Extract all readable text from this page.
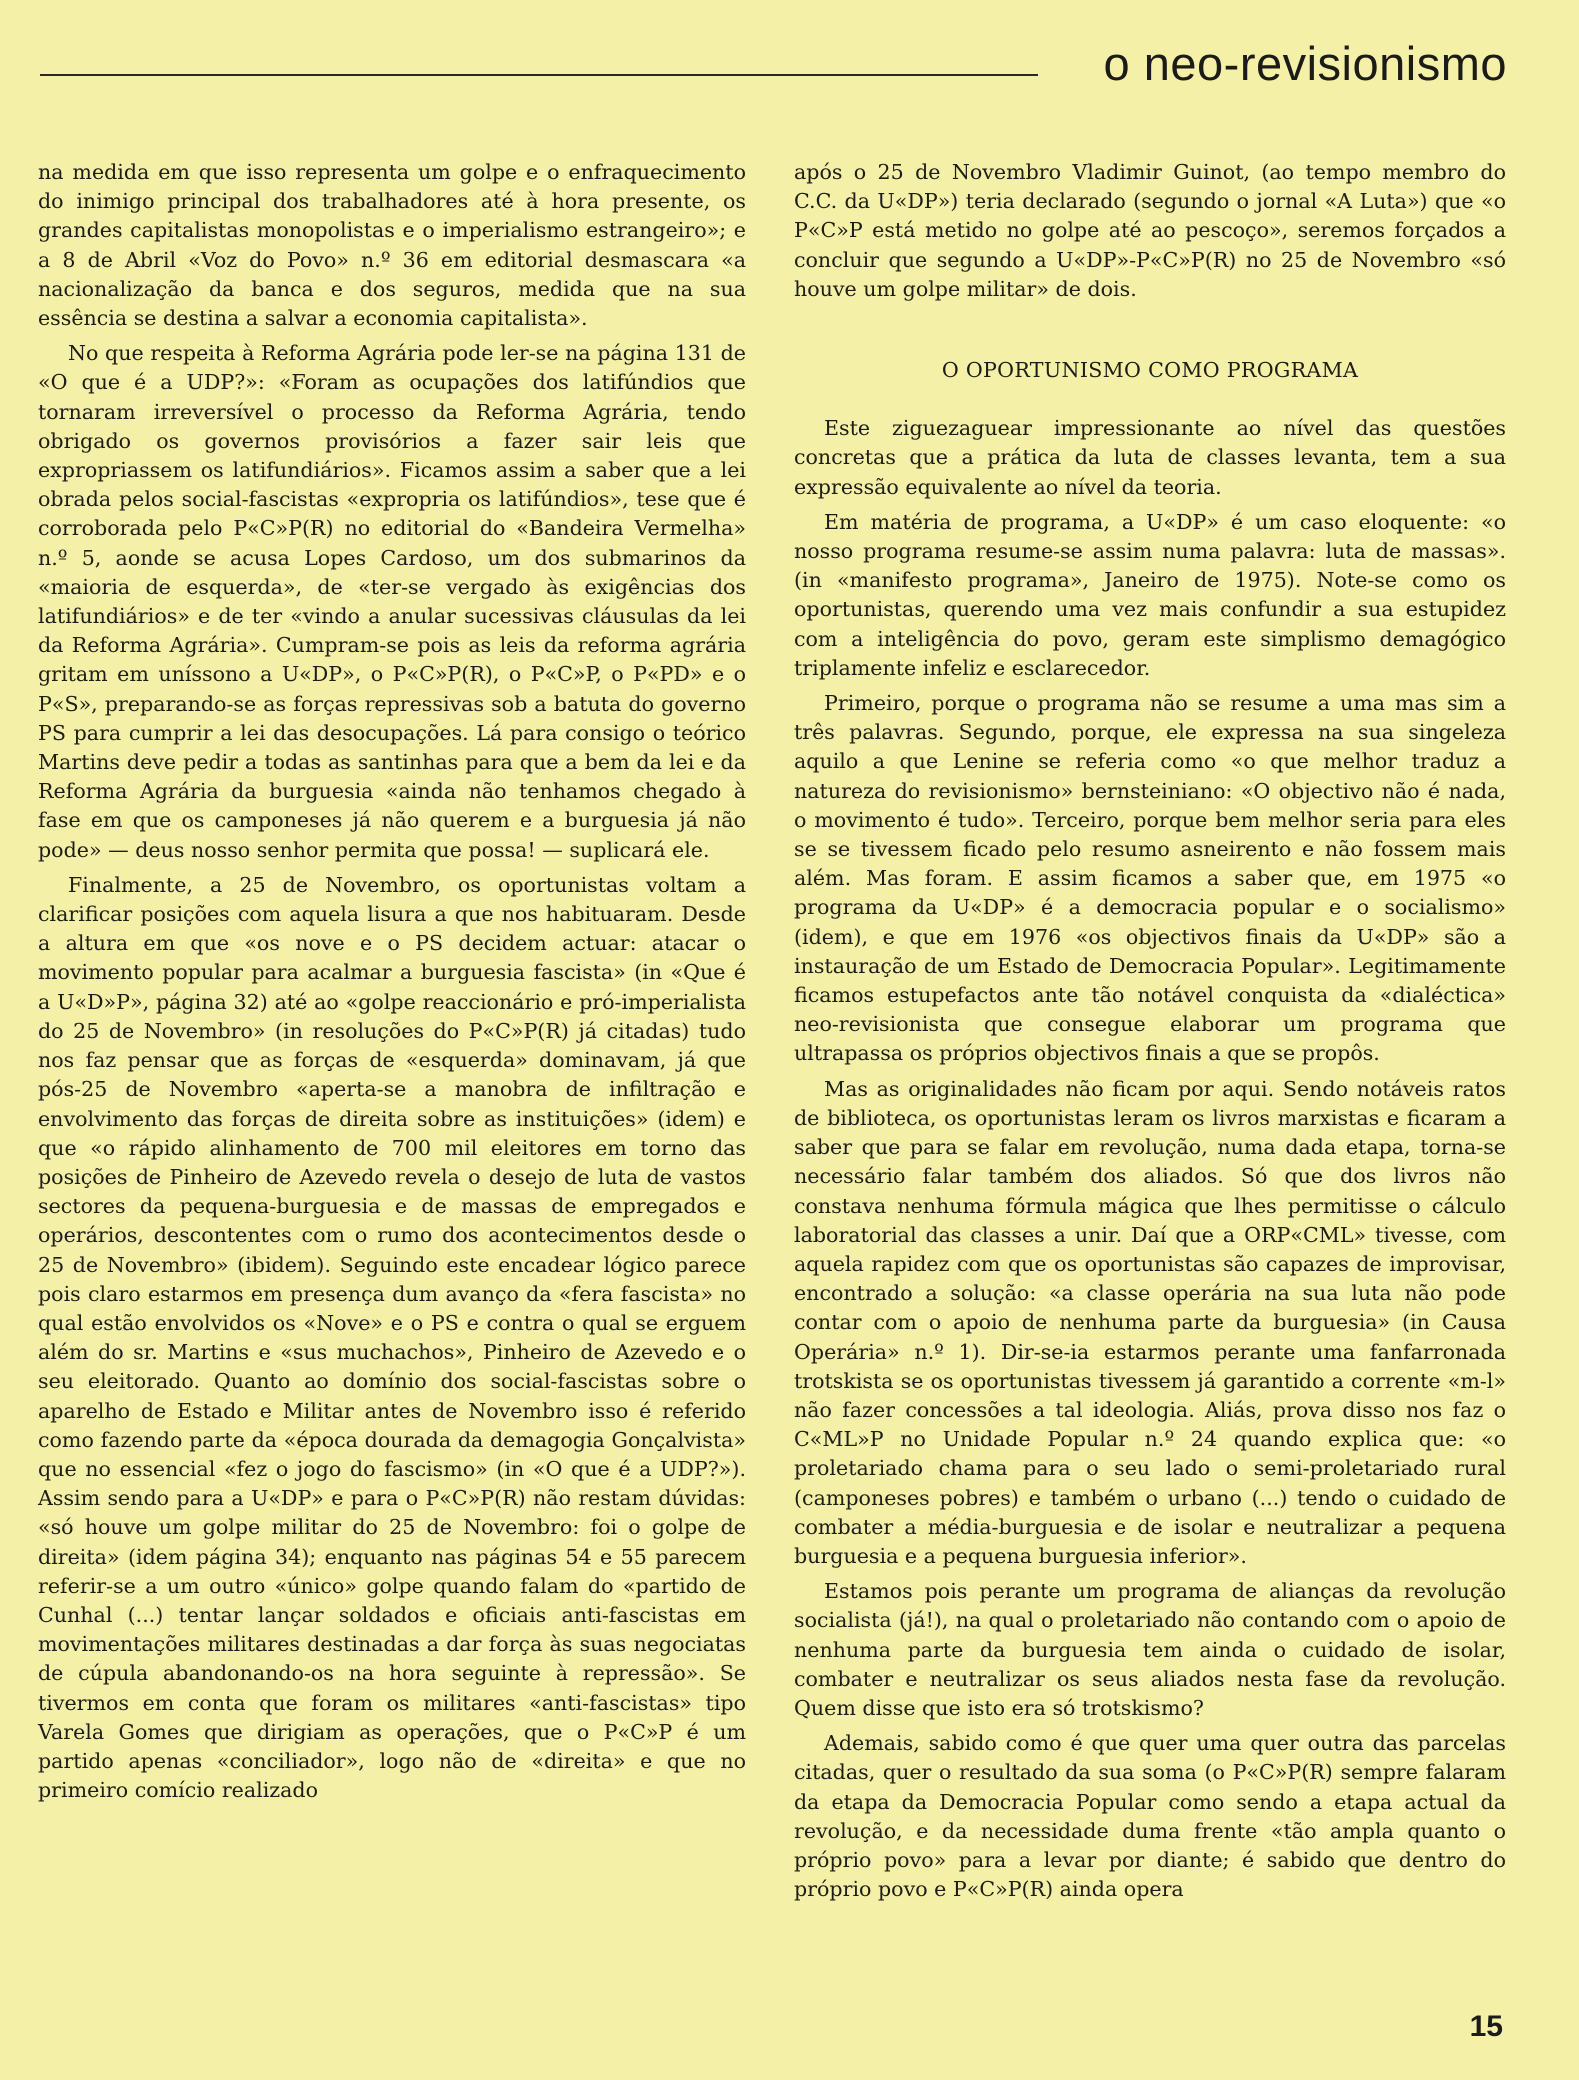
o neo-revisionismo

na medida em que isso representa um golpe e o enfraquecimento do inimigo principal dos trabalhadores até à hora presente, os grandes capitalistas monopolistas e o imperialismo estrangeiro»; e a 8 de Abril «Voz do Povo» n.º 36 em editorial desmascara «a nacionalização da banca e dos seguros, medida que na sua essência se destina a salvar a economia capitalista».

No que respeita à Reforma Agrária pode ler-se na página 131 de «O que é a UDP?»: «Foram as ocupações dos latifúndios que tornaram irreversível o processo da Reforma Agrária, tendo obrigado os governos provisórios a fazer sair leis que expropriassem os latifundiários». Ficamos assim a saber que a lei obrada pelos social-fascistas «expropria os latifúndios», tese que é corroborada pelo P«C»P(R) no editorial do «Bandeira Vermelha» n.º 5, aonde se acusa Lopes Cardoso, um dos submarinos da «maioria de esquerda», de «ter-se vergado às exigências dos latifundiários» e de ter «vindo a anular sucessivas cláusulas da lei da Reforma Agrária». Cumpram-se pois as leis da reforma agrária gritam em uníssono a U«DP», o P«C»P(R), o P«C»P, o P«PD» e o P«S», preparando-se as forças repressivas sob a batuta do governo PS para cumprir a lei das desocupações. Lá para consigo o teórico Martins deve pedir a todas as santinhas para que a bem da lei e da Reforma Agrária da burguesia «ainda não tenhamos chegado à fase em que os camponeses já não querem e a burguesia já não pode» — deus nosso senhor permita que possa! — suplicará ele.

Finalmente, a 25 de Novembro, os oportunistas voltam a clarificar posições com aquela lisura a que nos habituaram. Desde a altura em que «os nove e o PS decidem actuar: atacar o movimento popular para acalmar a burguesia fascista» (in «Que é a U«D»P», página 32) até ao «golpe reaccionário e pró-imperialista do 25 de Novembro» (in resoluções do P«C»P(R) já citadas) tudo nos faz pensar que as forças de «esquerda» dominavam, já que pós-25 de Novembro «aperta-se a manobra de infiltração e envolvimento das forças de direita sobre as instituições» (idem) e que «o rápido alinhamento de 700 mil eleitores em torno das posições de Pinheiro de Azevedo revela o desejo de luta de vastos sectores da pequena-burguesia e de massas de empregados e operários, descontentes com o rumo dos acontecimentos desde o 25 de Novembro» (ibidem). Seguindo este encadear lógico parece pois claro estarmos em presença dum avanço da «fera fascista» no qual estão envolvidos os «Nove» e o PS e contra o qual se erguem além do sr. Martins e «sus muchachos», Pinheiro de Azevedo e o seu eleitorado. Quanto ao domínio dos social-fascistas sobre o aparelho de Estado e Militar antes de Novembro isso é referido como fazendo parte da «época dourada da demagogia Gonçalvista» que no essencial «fez o jogo do fascismo» (in «O que é a UDP?»). Assim sendo para a U«DP» e para o P«C»P(R) não restam dúvidas: «só houve um golpe militar do 25 de Novembro: foi o golpe de direita» (idem página 34); enquanto nas páginas 54 e 55 parecem referir-se a um outro «único» golpe quando falam do «partido de Cunhal (...) tentar lançar soldados e oficiais anti-fascistas em movimentações militares destinadas a dar força às suas negociatas de cúpula abandonando-os na hora seguinte à repressão». Se tivermos em conta que foram os militares «anti-fascistas» tipo Varela Gomes que dirigiam as operações, que o P«C»P é um partido apenas «conciliador», logo não de «direita» e que no primeiro comício realizado

após o 25 de Novembro Vladimir Guinot, (ao tempo membro do C.C. da U«DP») teria declarado (segundo o jornal «A Luta») que «o P«C»P está metido no golpe até ao pescoço», seremos forçados a concluir que segundo a U«DP»-P«C»P(R) no 25 de Novembro «só houve um golpe militar» de dois.

O OPORTUNISMO COMO PROGRAMA

Este ziguezaguear impressionante ao nível das questões concretas que a prática da luta de classes levanta, tem a sua expressão equivalente ao nível da teoria.

Em matéria de programa, a U«DP» é um caso eloquente: «o nosso programa resume-se assim numa palavra: luta de massas». (in «manifesto programa», Janeiro de 1975). Note-se como os oportunistas, querendo uma vez mais confundir a sua estupidez com a inteligência do povo, geram este simplismo demagógico triplamente infeliz e esclarecedor.

Primeiro, porque o programa não se resume a uma mas sim a três palavras. Segundo, porque, ele expressa na sua singeleza aquilo a que Lenine se referia como «o que melhor traduz a natureza do revisionismo» bernsteiniano: «O objectivo não é nada, o movimento é tudo». Terceiro, porque bem melhor seria para eles se se tivessem ficado pelo resumo asneirento e não fossem mais além. Mas foram. E assim ficamos a saber que, em 1975 «o programa da U«DP» é a democracia popular e o socialismo» (idem), e que em 1976 «os objectivos finais da U«DP» são a instauração de um Estado de Democracia Popular». Legitimamente ficamos estupefactos ante tão notável conquista da «dialéctica» neo-revisionista que consegue elaborar um programa que ultrapassa os próprios objectivos finais a que se propôs.

Mas as originalidades não ficam por aqui. Sendo notáveis ratos de biblioteca, os oportunistas leram os livros marxistas e ficaram a saber que para se falar em revolução, numa dada etapa, torna-se necessário falar também dos aliados. Só que dos livros não constava nenhuma fórmula mágica que lhes permitisse o cálculo laboratorial das classes a unir. Daí que a ORP«CML» tivesse, com aquela rapidez com que os oportunistas são capazes de improvisar, encontrado a solução: «a classe operária na sua luta não pode contar com o apoio de nenhuma parte da burguesia» (in Causa Operária» n.º 1). Dir-se-ia estarmos perante uma fanfarronada trotskista se os oportunistas tivessem já garantido a corrente «m-l» não fazer concessões a tal ideologia. Aliás, prova disso nos faz o C«ML»P no Unidade Popular n.º 24 quando explica que: «o proletariado chama para o seu lado o semi-proletariado rural (camponeses pobres) e também o urbano (...) tendo o cuidado de combater a média-burguesia e de isolar e neutralizar a pequena burguesia e a pequena burguesia inferior».

Estamos pois perante um programa de alianças da revolução socialista (já!), na qual o proletariado não contando com o apoio de nenhuma parte da burguesia tem ainda o cuidado de isolar, combater e neutralizar os seus aliados nesta fase da revolução. Quem disse que isto era só trotskismo?

Ademais, sabido como é que quer uma quer outra das parcelas citadas, quer o resultado da sua soma (o P«C»P(R) sempre falaram da etapa da Democracia Popular como sendo a etapa actual da revolução, e da necessidade duma frente «tão ampla quanto o próprio povo» para a levar por diante; é sabido que dentro do próprio povo e P«C»P(R) ainda opera

15
